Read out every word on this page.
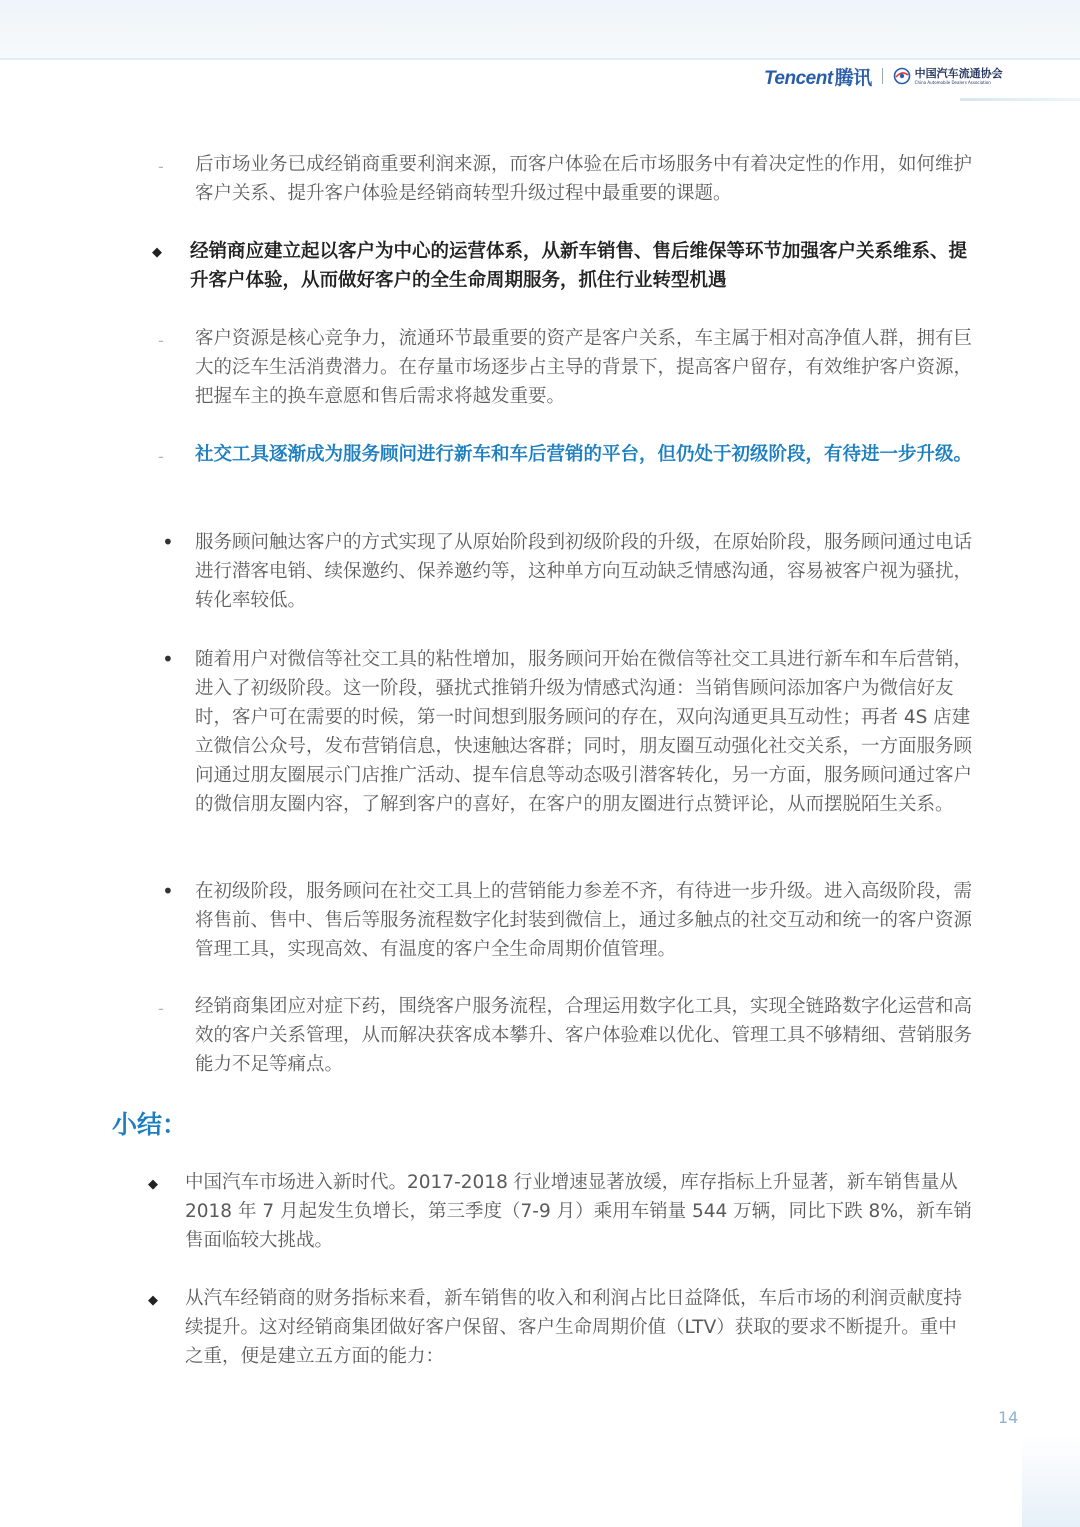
Tencent 腾讯	中国汽车流通协会
China Automobile Dealers Association
- 后市场业务已成经销商重要利润来源，而客户体验在后市场服务中有着决定性的作用，如何维护客户关系、提升客户体验是经销商转型升级过程中最重要的课题。
◆ 经销商应建立起以客户为中心的运营体系，从新车销售、售后维保等环节加强客户关系维系、提升客户体验，从而做好客户的全生命周期服务，抓住行业转型机遇
- 客户资源是核心竞争力，流通环节最重要的资产是客户关系，车主属于相对高净值人群，拥有巨大的泛车生活消费潜力。在存量市场逐步占主导的背景下，提高客户留存，有效维护客户资源，把握车主的换车意愿和售后需求将越发重要。
- 社交工具逐渐成为服务顾问进行新车和车后营销的平台，但仍处于初级阶段，有待进一步升级。
• 服务顾问触达客户的方式实现了从原始阶段到初级阶段的升级，在原始阶段，服务顾问通过电话进行潜客电销、续保邀约、保养邀约等，这种单方向互动缺乏情感沟通，容易被客户视为骚扰，转化率较低。
• 随着用户对微信等社交工具的粘性增加，服务顾问开始在微信等社交工具进行新车和车后营销，进入了初级阶段。这一阶段，骚扰式推销升级为情感式沟通：当销售顾问添加客户为微信好友时，客户可在需要的时候，第一时间想到服务顾问的存在，双向沟通更具互动性；再者 4S 店建立微信公众号，发布营销信息，快速触达客群；同时，朋友圈互动强化社交关系，一方面服务顾问通过朋友圈展示门店推广活动、提车信息等动态吸引潜客转化，另一方面，服务顾问通过客户的微信朋友圈内容，了解到客户的喜好，在客户的朋友圈进行点赞评论，从而摆脱陌生关系。
• 在初级阶段，服务顾问在社交工具上的营销能力参差不齐，有待进一步升级。进入高级阶段，需将售前、售中、售后等服务流程数字化封装到微信上，通过多触点的社交互动和统一的客户资源管理工具，实现高效、有温度的客户全生命周期价值管理。
- 经销商集团应对症下药，围绕客户服务流程，合理运用数字化工具，实现全链路数字化运营和高效的客户关系管理，从而解决获客成本攀升、客户体验难以优化、管理工具不够精细、营销服务能力不足等痛点。
小结：
◆ 中国汽车市场进入新时代。2017-2018 行业增速显著放缓，库存指标上升显著，新车销售量从 2018 年 7 月起发生负增长，第三季度（7-9 月）乘用车销量 544 万辆，同比下跌 8%，新车销售面临较大挑战。
◆ 从汽车经销商的财务指标来看，新车销售的收入和利润占比日益降低，车后市场的利润贡献度持续提升。这对经销商集团做好客户保留、客户生命周期价值（LTV）获取的要求不断提升。重中之重，便是建立五方面的能力：
14
